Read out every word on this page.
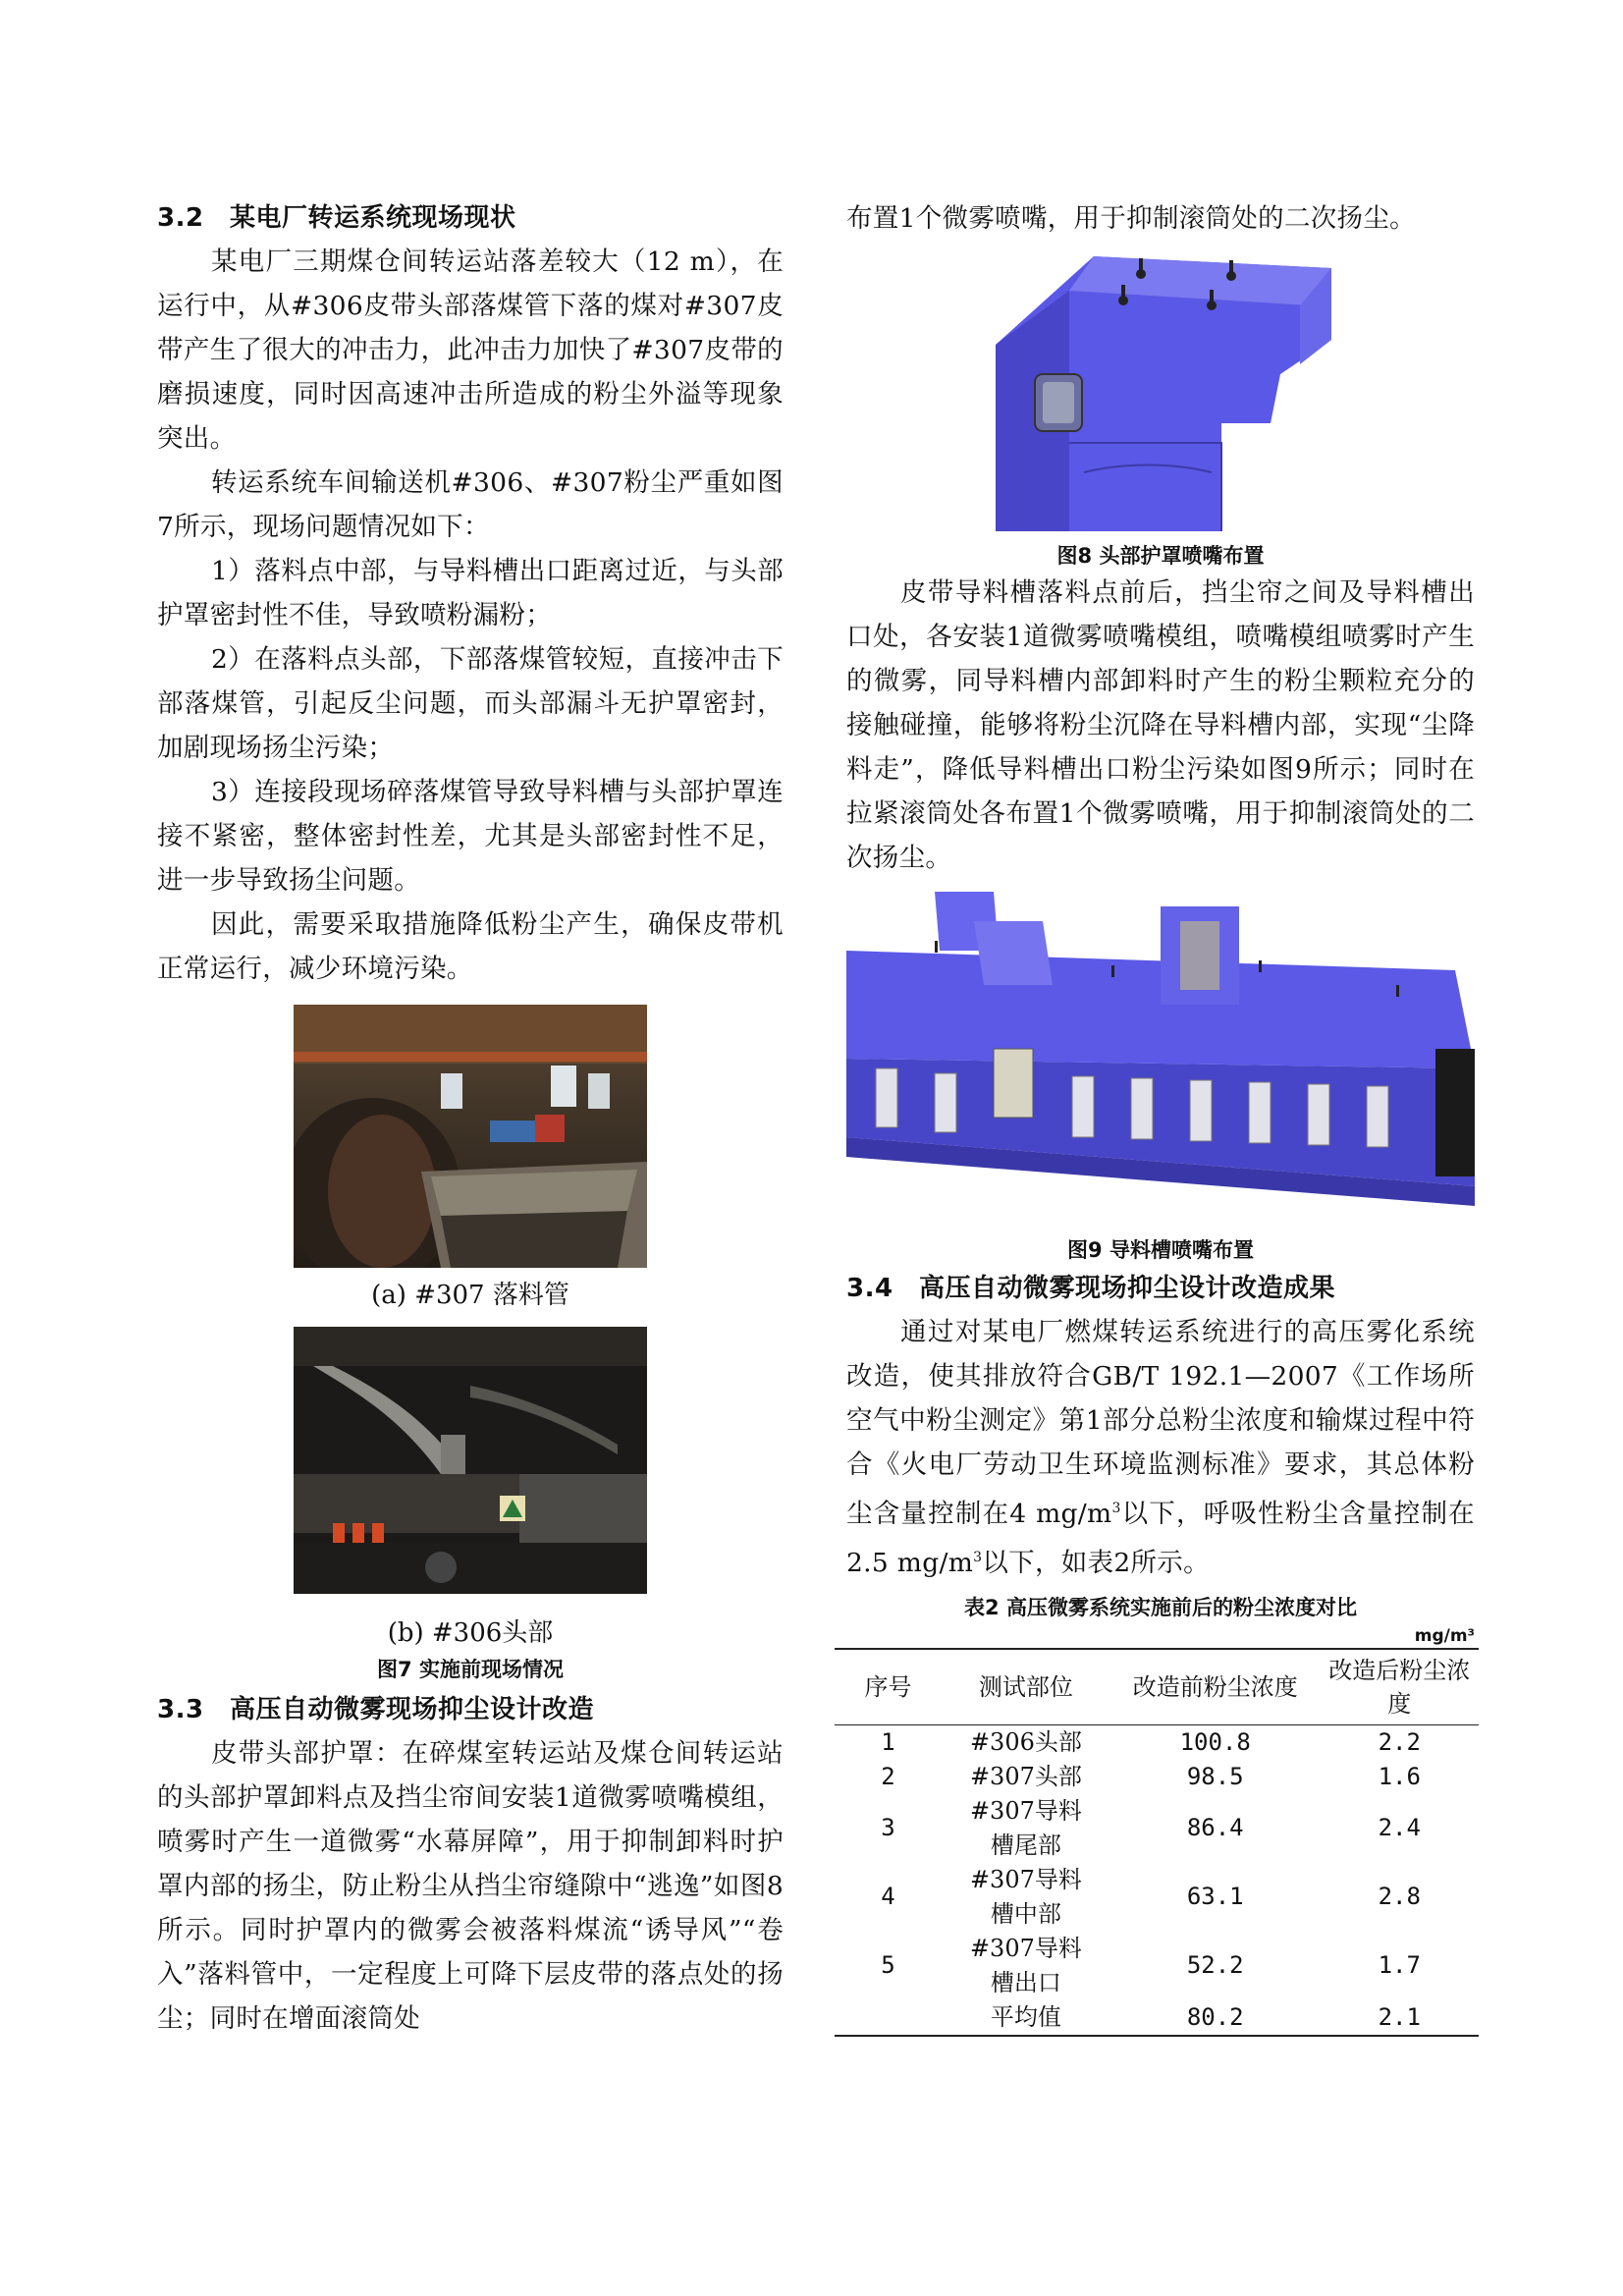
3.2　某电厂转运系统现场现状

某电厂三期煤仓间转运站落差较大（12 m），在运行中，从#306皮带头部落煤管下落的煤对#307皮带产生了很大的冲击力，此冲击力加快了#307皮带的磨损速度，同时因高速冲击所造成的粉尘外溢等现象突出。

转运系统车间输送机#306、#307粉尘严重如图7所示，现场问题情况如下：

1）落料点中部，与导料槽出口距离过近，与头部护罩密封性不佳，导致喷粉漏粉；

2）在落料点头部，下部落煤管较短，直接冲击下部落煤管，引起反尘问题，而头部漏斗无护罩密封，加剧现场扬尘污染；

3）连接段现场碎落煤管导致导料槽与头部护罩连接不紧密，整体密封性差，尤其是头部密封性不足，进一步导致扬尘问题。

因此，需要采取措施降低粉尘产生，确保皮带机正常运行，减少环境污染。

(a) #307 落料管

(b) #306头部

图7 实施前现场情况

3.3　高压自动微雾现场抑尘设计改造

皮带头部护罩：在碎煤室转运站及煤仓间转运站的头部护罩卸料点及挡尘帘间安装1道微雾喷嘴模组，喷雾时产生一道微雾“水幕屏障”，用于抑制卸料时护罩内部的扬尘，防止粉尘从挡尘帘缝隙中“逃逸”如图8所示。同时护罩内的微雾会被落料煤流“诱导风”“卷入”落料管中，一定程度上可降下层皮带的落点处的扬尘；同时在增面滚筒处

布置1个微雾喷嘴，用于抑制滚筒处的二次扬尘。

图8 头部护罩喷嘴布置

皮带导料槽落料点前后，挡尘帘之间及导料槽出口处，各安装1道微雾喷嘴模组，喷嘴模组喷雾时产生的微雾，同导料槽内部卸料时产生的粉尘颗粒充分的接触碰撞，能够将粉尘沉降在导料槽内部，实现“尘降料走”，降低导料槽出口粉尘污染如图9所示；同时在拉紧滚筒处各布置1个微雾喷嘴，用于抑制滚筒处的二次扬尘。

图9 导料槽喷嘴布置

3.4　高压自动微雾现场抑尘设计改造成果

通过对某电厂燃煤转运系统进行的高压雾化系统改造，使其排放符合GB/T 192.1—2007《工作场所空气中粉尘测定》第1部分总粉尘浓度和输煤过程中符合《火电厂劳动卫生环境监测标准》要求，其总体粉尘含量控制在4 $mg/m^3$以下，呼吸性粉尘含量控制在2.5 $mg/m^3$以下，如表2所示。

表2 高压微雾系统实施前后的粉尘浓度对比

mg/m³

序号	测试部位	改造前粉尘浓度	改造后粉尘浓度
1	#306头部	100.8	2.2
2	#307头部	98.5	1.6
3	#307导料槽尾部	86.4	2.4
4	#307导料槽中部	63.1	2.8
5	#307导料槽出口	52.2	1.7
	平均值	80.2	2.1
